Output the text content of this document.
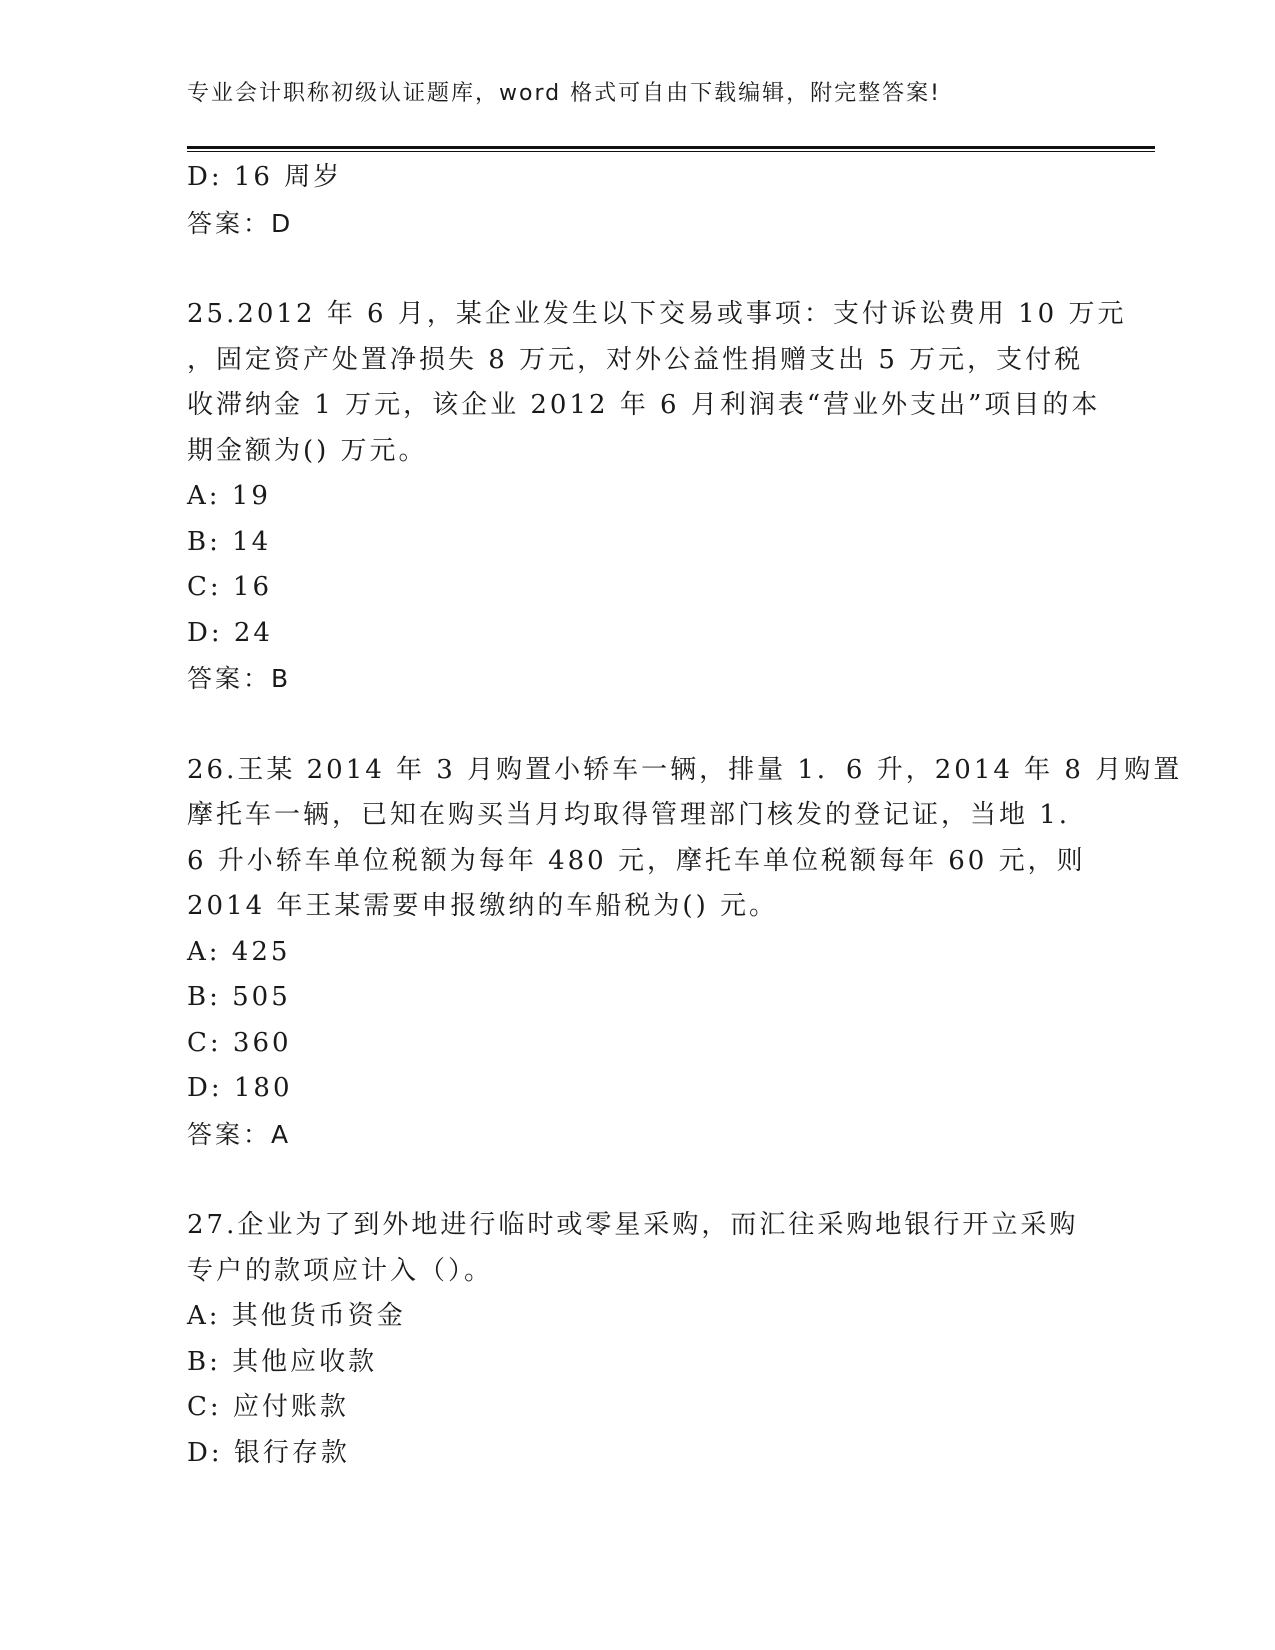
专业会计职称初级认证题库，word 格式可自由下载编辑，附完整答案!
D: 16 周岁
答案：D
25.2012 年 6 月，某企业发生以下交易或事项：支付诉讼费用 10 万元
，固定资产处置净损失 8 万元，对外公益性捐赠支出 5 万元，支付税
收滞纳金 1 万元，该企业 2012 年 6 月利润表“营业外支出”项目的本
期金额为() 万元。
A: 19
B: 14
C: 16
D: 24
答案：B
26.王某 2014 年 3 月购置小轿车一辆，排量 1．6 升，2014 年 8 月购置
摩托车一辆，已知在购买当月均取得管理部门核发的登记证，当地 1.
6 升小轿车单位税额为每年 480 元，摩托车单位税额每年 60 元，则
2014 年王某需要申报缴纳的车船税为() 元。
A: 425
B: 505
C: 360
D: 180
答案：A
27.企业为了到外地进行临时或零星采购，而汇往采购地银行开立采购
专户的款项应计入（）。
A: 其他货币资金
B: 其他应收款
C: 应付账款
D: 银行存款
